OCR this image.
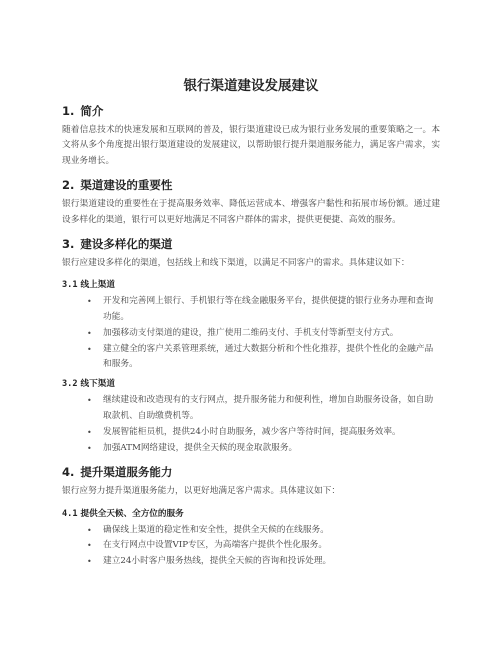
银行渠道建设发展建议
1. 简介
随着信息技术的快速发展和互联网的普及，银行渠道建设已成为银行业务发展的重要策略之一。本文将从多个角度提出银行渠道建设的发展建议，以帮助银行提升渠道服务能力，满足客户需求，实现业务增长。
2. 渠道建设的重要性
银行渠道建设的重要性在于提高服务效率、降低运营成本、增强客户黏性和拓展市场份额。通过建设多样化的渠道，银行可以更好地满足不同客户群体的需求，提供更便捷、高效的服务。
3. 建设多样化的渠道
银行应建设多样化的渠道，包括线上和线下渠道，以满足不同客户的需求。具体建议如下：
3.1 线上渠道
• 开发和完善网上银行、手机银行等在线金融服务平台，提供便捷的银行业务办理和查询功能。
• 加强移动支付渠道的建设，推广使用二维码支付、手机支付等新型支付方式。
• 建立健全的客户关系管理系统，通过大数据分析和个性化推荐，提供个性化的金融产品和服务。
3.2 线下渠道
• 继续建设和改造现有的支行网点，提升服务能力和便利性，增加自助服务设备，如自助取款机、自助缴费机等。
• 发展智能柜员机，提供24小时自助服务，减少客户等待时间，提高服务效率。
• 加强ATM网络建设，提供全天候的现金取款服务。
4. 提升渠道服务能力
银行应努力提升渠道服务能力，以更好地满足客户需求。具体建议如下：
4.1 提供全天候、全方位的服务
• 确保线上渠道的稳定性和安全性，提供全天候的在线服务。
• 在支行网点中设置VIP专区，为高端客户提供个性化服务。
• 建立24小时客户服务热线，提供全天候的咨询和投诉处理。
